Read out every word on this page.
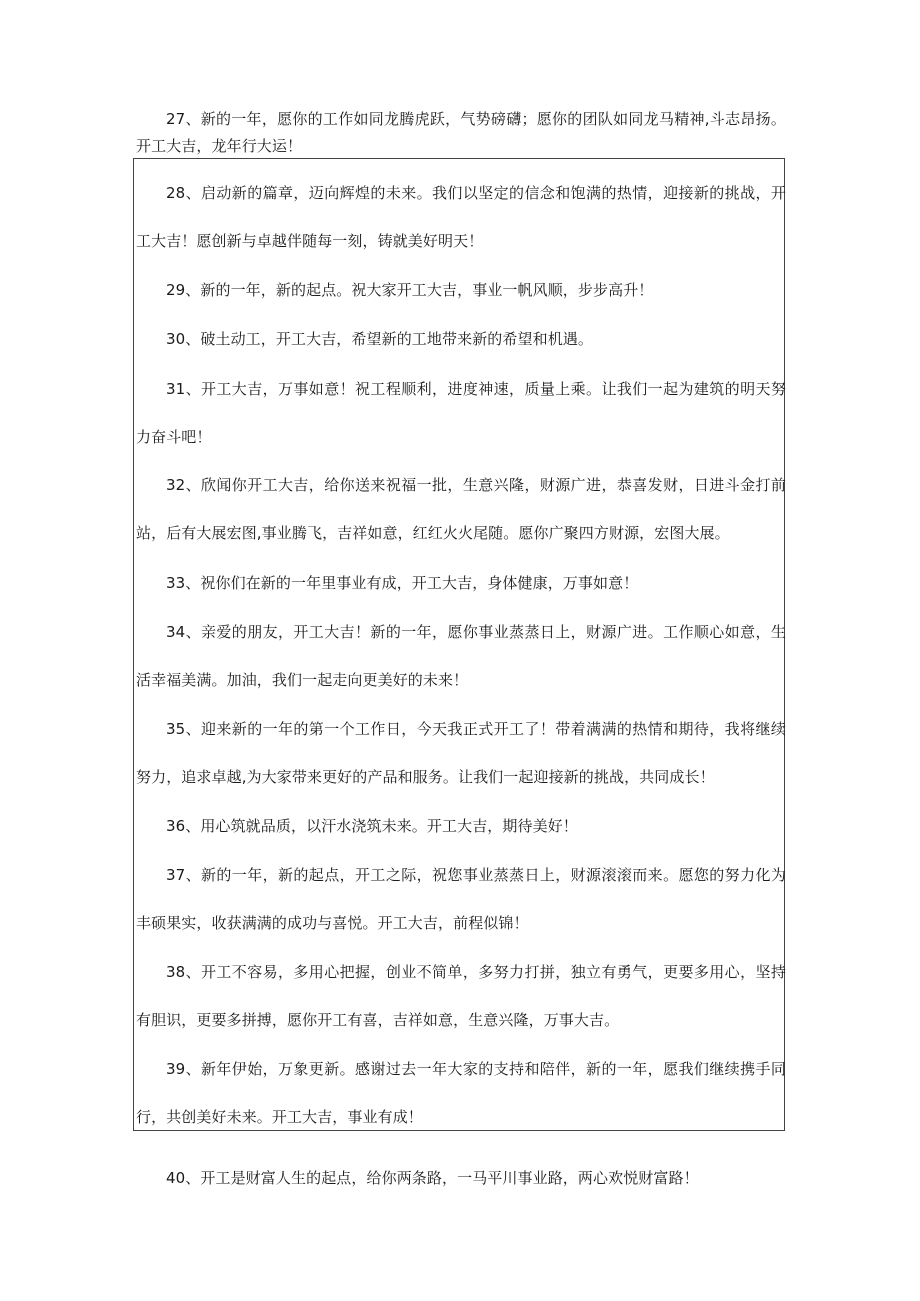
27、新的一年，愿你的工作如同龙腾虎跃，气势磅礴；愿你的团队如同龙马精神,斗志昂扬。开工大吉，龙年行大运！

28、启动新的篇章，迈向辉煌的未来。我们以坚定的信念和饱满的热情，迎接新的挑战，开工大吉！愿创新与卓越伴随每一刻，铸就美好明天！

29、新的一年，新的起点。祝大家开工大吉，事业一帆风顺，步步高升！

30、破土动工，开工大吉，希望新的工地带来新的希望和机遇。

31、开工大吉，万事如意！祝工程顺利，进度神速，质量上乘。让我们一起为建筑的明天努力奋斗吧！

32、欣闻你开工大吉，给你送来祝福一批，生意兴隆，财源广进，恭喜发财，日进斗金打前站，后有大展宏图,事业腾飞，吉祥如意，红红火火尾随。愿你广聚四方财源，宏图大展。

33、祝你们在新的一年里事业有成，开工大吉，身体健康，万事如意！

34、亲爱的朋友，开工大吉！新的一年，愿你事业蒸蒸日上，财源广进。工作顺心如意，生活幸福美满。加油，我们一起走向更美好的未来！

35、迎来新的一年的第一个工作日，今天我正式开工了！带着满满的热情和期待，我将继续努力，追求卓越,为大家带来更好的产品和服务。让我们一起迎接新的挑战，共同成长！

36、用心筑就品质，以汗水浇筑未来。开工大吉，期待美好！

37、新的一年，新的起点，开工之际，祝您事业蒸蒸日上，财源滚滚而来。愿您的努力化为丰硕果实，收获满满的成功与喜悦。开工大吉，前程似锦！

38、开工不容易，多用心把握，创业不简单，多努力打拼，独立有勇气，更要多用心，坚持有胆识，更要多拼搏，愿你开工有喜，吉祥如意，生意兴隆，万事大吉。

39、新年伊始，万象更新。感谢过去一年大家的支持和陪伴，新的一年，愿我们继续携手同行，共创美好未来。开工大吉，事业有成！

40、开工是财富人生的起点，给你两条路，一马平川事业路，两心欢悦财富路！
